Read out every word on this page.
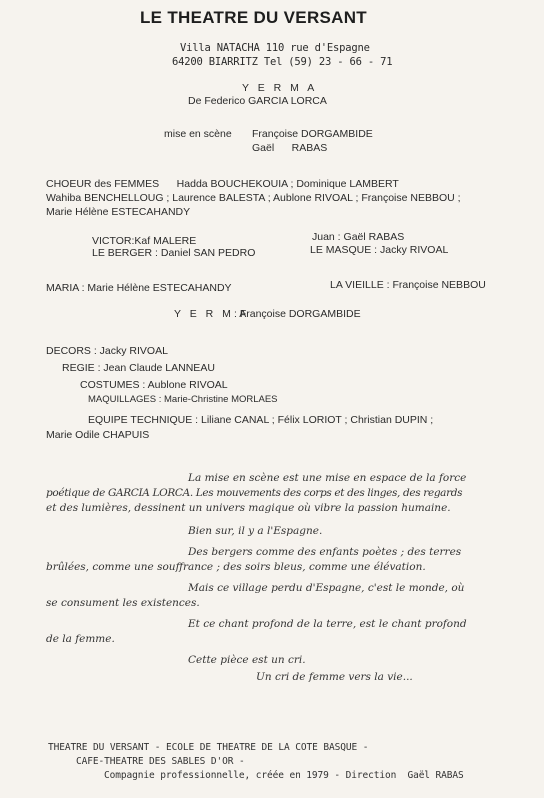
LE THEATRE DU VERSANT
Villa NATACHA 110 rue d'Espagne
64200 BIARRITZ Tel (59) 23 - 66 - 71
Y E R M A
De Federico GARCIA LORCA
mise en scène Françoise DORGAMBIDE
Gaël      RABAS
CHOEUR des FEMMES      Hadda BOUCHEKOUIA ; Dominique LAMBERT
Wahiba BENCHELLOUG ; Laurence BALESTA ; Aublone RIVOAL ; Françoise NEBBOU ;
Marie Hélène ESTECAHANDY
VICTOR:Kaf MALERE	Juan : Gaël RABAS
LE BERGER : Daniel SAN PEDRO	LE MASQUE : Jacky RIVOAL
MARIA : Marie Hélène ESTECAHANDY	LA VIEILLE : Françoise NEBBOU
Y E R M A
: Françoise DORGAMBIDE
DECORS : Jacky RIVOAL
REGIE : Jean Claude LANNEAU
COSTUMES : Aublone RIVOAL
MAQUILLAGES : Marie-Christine MORLAES
EQUIPE TECHNIQUE : Liliane CANAL ; Félix LORIOT ; Christian DUPIN ;
Marie Odile CHAPUIS
La mise en scène est une mise en espace de la force
poétique de GARCIA LORCA. Les mouvements des corps et des linges, des regards
et des lumières, dessinent un univers magique où vibre la passion humaine.
Bien sur, il y a l'Espagne.
Des bergers comme des enfants poètes ; des terres
brûlées, comme une souffrance ; des soirs bleus, comme une élévation.
Mais ce village perdu d'Espagne, c'est le monde, où
se consument les existences.
Et ce chant profond de la terre, est le chant profond
de la femme.
Cette pièce est un cri.
Un cri de femme vers la vie...
THEATRE DU VERSANT - ECOLE DE THEATRE DE LA COTE BASQUE -
CAFE-THEATRE DES SABLES D'OR -
Compagnie professionnelle, créée en 1979 - Direction  Gaël RABAS
